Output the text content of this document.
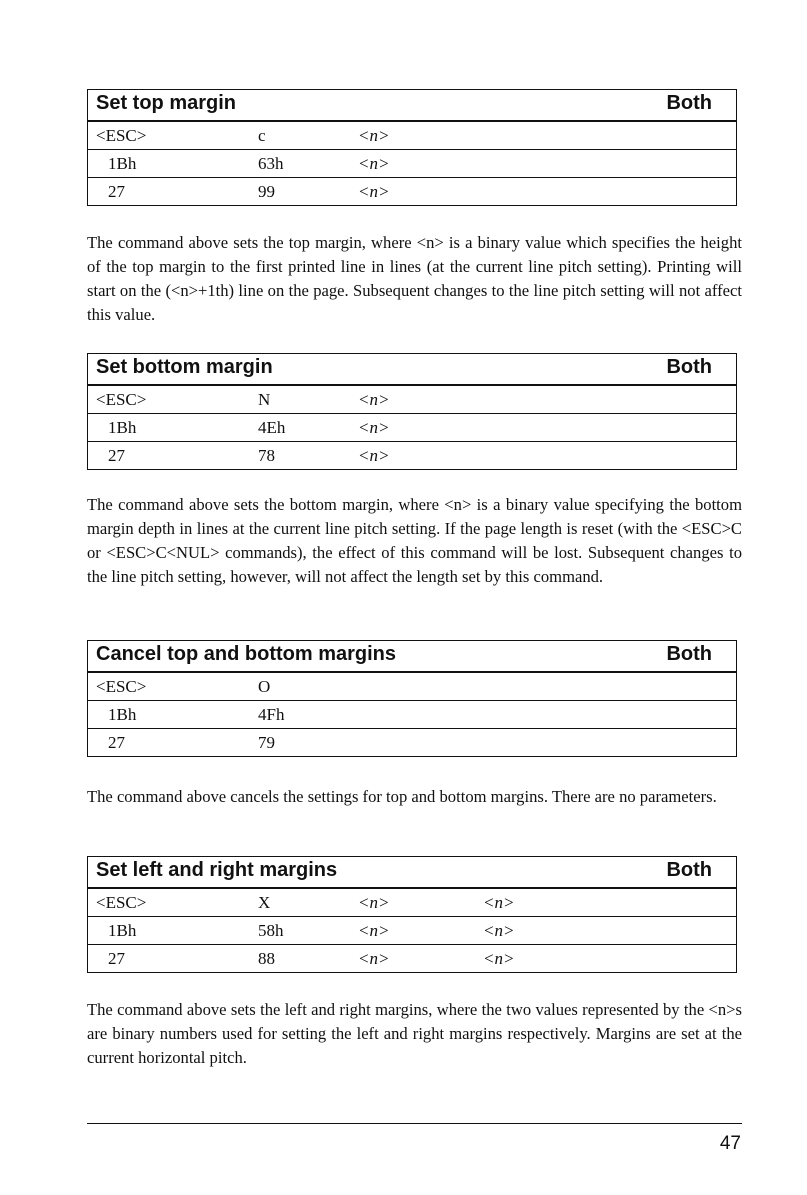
Set top margin	Both
<ESC>	c	<n>
1Bh	63h	<n>
27	99	<n>

The command above sets the top margin, where <n> is a binary value which specifies the height of the top margin to the first printed line in lines (at the current line pitch setting). Printing will start on the (<n>+1th) line on the page. Subsequent changes to the line pitch setting will not affect this value.

Set bottom margin	Both
<ESC>	N	<n>
1Bh	4Eh	<n>
27	78	<n>

The command above sets the bottom margin, where <n> is a binary value specifying the bottom margin depth in lines at the current line pitch setting. If the page length is reset (with the <ESC>C or <ESC>C<NUL> commands), the effect of this command will be lost. Subsequent changes to the line pitch setting, however, will not affect the length set by this command.

Cancel top and bottom margins	Both
<ESC>	O
1Bh	4Fh
27	79

The command above cancels the settings for top and bottom margins. There are no parameters.

Set left and right margins	Both
<ESC>	X	<n>	<n>
1Bh	58h	<n>	<n>
27	88	<n>	<n>

The command above sets the left and right margins, where the two values represented by the <n>s are binary numbers used for setting the left and right margins respectively. Margins are set at the current horizontal pitch.

47
